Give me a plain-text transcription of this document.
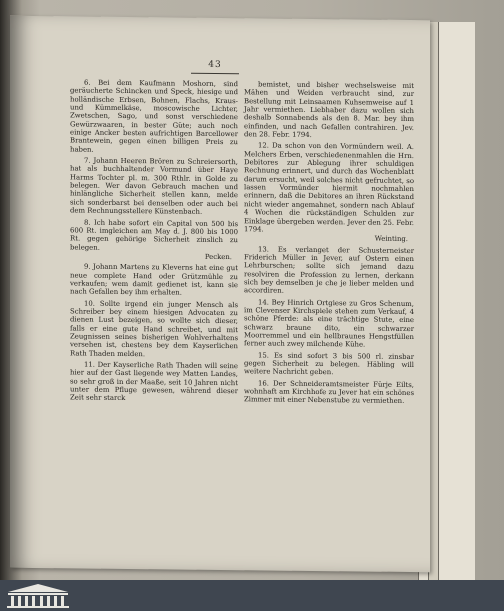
43
6. Bei dem Kaufmann Moshorn, sind geräucherte Schincken und Speck, hiesige und holländische Erbsen, Bohnen, Flachs, Kraus- und Kümmelkäse, moscowische Lichter, Zwetschen, Sago, und sonst verschiedene Gewürzwaaren, in bester Güte; auch noch einige Ancker besten aufrichtigen Barcellower Brantewein, gegen einen billigen Preis zu haben.
7. Johann Heeren Brören zu Schreiersorth, hat als buchhaltender Vormund über Haye Harms Tochter pl. m. 300 Rthlr. in Golde zu belegen. Wer davon Gebrauch machen und hinlängliche Sicherheit stellen kann, melde sich sonderbarst bei denselben oder auch bei dem Rechnungsstellere Künstenbach.
8. Ich habe sofort ein Capital von 500 bis 600 Rt. imgleichen am May d. J. 800 bis 1000 Rt. gegen gehörige Sicherheit zinslich zu belegen.
Pecken.
9. Johann Martens zu Kleverns hat eine gut neue complete Hand oder Grützmühle zu verkaufen; wem damit gedienet ist, kann sie nach Gefallen bey ihm erhalten.
10. Sollte irgend ein junger Mensch als Schreiber bey einem hiesigen Advocaten zu dienen Lust bezeigen, so wollte sich dieser, falls er eine gute Hand schreibet, und mit Zeugnissen seines bisherigen Wohlverhaltens versehen ist, chestens bey dem Kayserlichen Rath Thaden melden.
11. Der Kayserliche Rath Thaden will seine hier auf der Gast liegende wey Matten Landes, so sehr groß in der Maaße, seit 10 Jahren nicht unter dem Pfluge gewesen, während dieser Zeit sehr starck
bemistet, und bisher wechselsweise mit Mähen und Weiden verbraucht sind, zur Bestellung mit Leinsaamen Kuhsemweise auf 1 Jahr vermiethen. Liebhaber dazu wollen sich deshalb Sonnabends als den 8. Mar. bey ihm einfinden, und nach Gefallen contrahiren. Jev. den 28. Febr. 1794.
12. Da schon von den Vormündern weil. A. Melchers Erben, verschiedenenmahlen die Hrn. Debitores zur Ablegung ihrer schuldigen Rechnung erinnert, und durch das Wochenblatt darum ersucht, weil solches nicht gefruchtet, so lassen Vormünder hiermit nochmahlen erinnern, daß die Debitores an ihren Rückstand nicht wieder angemahnet, sondern nach Ablauf 4 Wochen die rückständigen Schulden zur Einklage übergeben werden. Jever den 25. Febr. 1794.
Weinting.
13. Es verlanget der Schusterneister Friderich Müller in Jever, auf Ostern einen Lehrburschen; sollte sich jemand dazu resolviren die Profession zu lernen, derkann sich bey demselben je che je lieber melden und accordiren.
14. Bey Hinrich Ortgiese zu Gros Schenum, im Clevenser Kirchspiele stehen zum Verkauf, 4 schöne Pferde: als eine trächtige Stute, eine schwarz braune dito, ein schwarzer Moorremmel und ein hellbraunes Hengstfüllen ferner auch zwey milchende Kühe.
15. Es sind sofort 3 bis 500 rl. zinsbar gegen Sicherheit zu belegen. Häbling will weitere Nachricht geben.
16. Der Schneideramtsmeister Fürje Eilts, wohnhaft am Kirchhofe zu Jever hat ein schönes Zimmer mit einer Nebenstube zu vermiethen.
